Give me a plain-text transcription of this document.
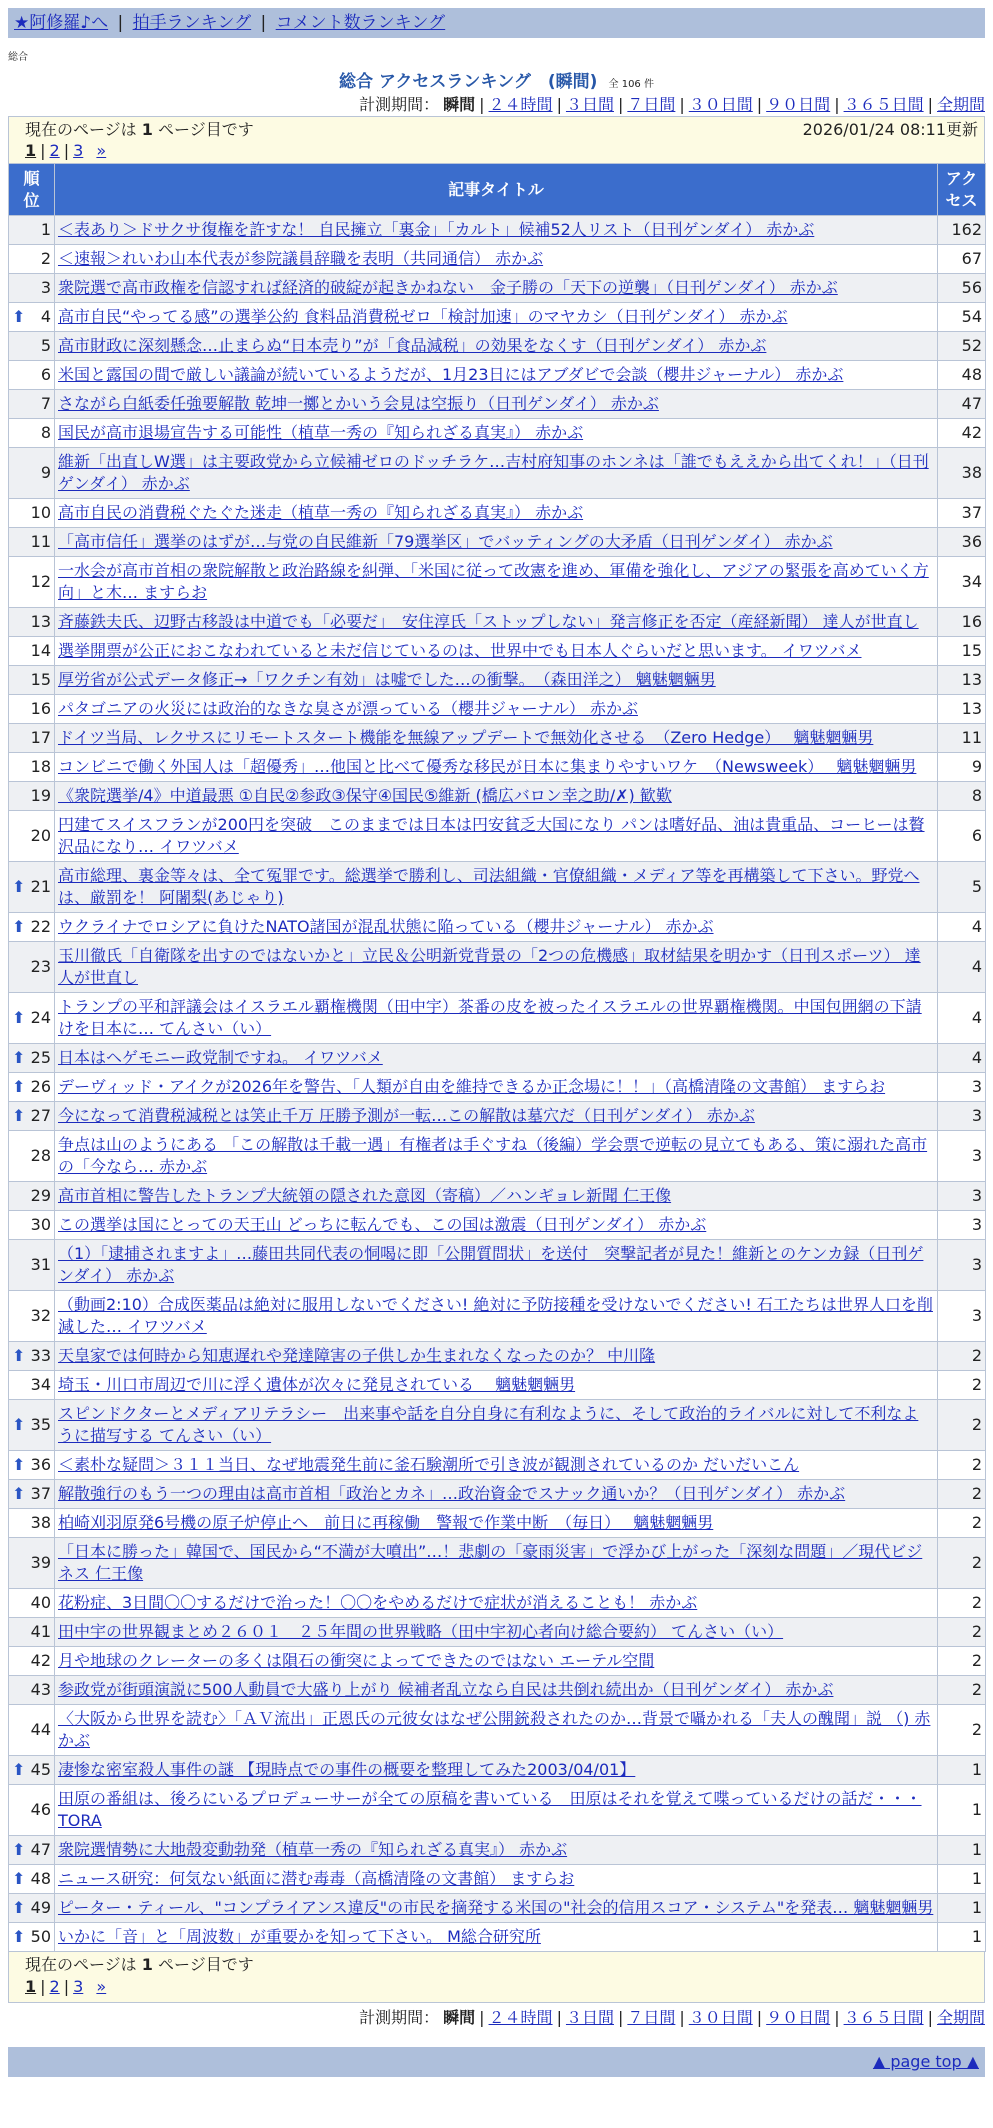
★阿修羅♪へ | 拍手ランキング | コメント数ランキング
総合
総合 アクセスランキング　(瞬間) 全 106 件
計測期間： 瞬間 | ２４時間 | ３日間 | ７日間 | ３０日間 | ９０日間 | ３６５日間 | 全期間
現在のページは 1 ページ目です	2026/01/24 08:11更新
1 | 2 | 3 »
順位	記事タイトル	アクセス
1	＜表あり＞ドサクサ復権を許すな！ 自民擁立「裏金」「カルト」候補52人リスト（日刊ゲンダイ） 赤かぶ	162
2	＜速報＞れいわ山本代表が参院議員辞職を表明（共同通信） 赤かぶ	67
3	衆院選で高市政権を信認すれば経済的破綻が起きかねない　金子勝の「天下の逆襲」（日刊ゲンダイ） 赤かぶ	56

⬆ 4	高市自民“やってる感”の選挙公約 食料品消費税ゼロ「検討加速」のマヤカシ（日刊ゲンダイ） 赤かぶ	54
5	高市財政に深刻懸念…止まらぬ“日本売り”が「食品減税」の効果をなくす（日刊ゲンダイ） 赤かぶ	52
6	米国と露国の間で厳しい議論が続いているようだが、1月23日にはアブダビで会談（櫻井ジャーナル） 赤かぶ	48
7	さながら白紙委任強要解散 乾坤一擲とかいう会見は空振り（日刊ゲンダイ） 赤かぶ	47
8	国民が高市退場宣告する可能性（植草一秀の『知られざる真実』） 赤かぶ	42
9	維新「出直しW選」は主要政党から立候補ゼロのドッチラケ…吉村府知事のホンネは「誰でもええから出てくれ！」（日刊ゲンダイ） 赤かぶ	38
10	高市自民の消費税ぐたぐた迷走（植草一秀の『知られざる真実』） 赤かぶ	37
11	「高市信任」選挙のはずが…与党の自民維新「79選挙区」でバッティングの大矛盾（日刊ゲンダイ） 赤かぶ	36
12	一水会が高市首相の衆院解散と政治路線を糾弾、「米国に従って改憲を進め、軍備を強化し、アジアの緊張を高めていく方向」と木… ますらお	34
13	斉藤鉄夫氏、辺野古移設は中道でも「必要だ」　安住淳氏「ストップしない」発言修正を否定（産経新聞） 達人が世直し	16
14	選挙開票が公正におこなわれていると未だ信じているのは、世界中でも日本人ぐらいだと思います。 イワツバメ	15
15	厚労省が公式データ修正→「ワクチン有効」は嘘でした…の衝撃。　（森田洋之） 魑魅魍魎男	13
16	パタゴニアの火災には政治的なきな臭さが漂っている（櫻井ジャーナル） 赤かぶ	13
17	ドイツ当局、レクサスにリモートスタート機能を無線アップデートで無効化させる　（Zero Hedge）　 魑魅魍魎男	11
18	コンビニで働く外国人は「超優秀」…他国と比べて優秀な移民が日本に集まりやすいワケ　（Newsweek）　 魑魅魍魎男	9
19	《衆院選挙/4》中道最悪 ①自民②参政③保守④国民⑤維新 (橋広バロン幸之助/✗) 歓歎	8
20	円建てスイスフランが200円を突破　このままでは日本は円安貧乏大国になり パンは嗜好品、油は貴重品、コーヒーは贅沢品になり… イワツバメ	6

⬆ 21	高市総理、裏金等々は、全て冤罪です。総選挙で勝利し、司法組織・官僚組織・メディア等を再構築して下さい。野党へは、厳罰を！ 阿闍梨(あじゃり)	5

⬆ 22	ウクライナでロシアに負けたNATO諸国が混乱状態に陥っている（櫻井ジャーナル） 赤かぶ	4
23	玉川徹氏「自衛隊を出すのではないかと」立民＆公明新党背景の「2つの危機感」取材結果を明かす（日刊スポーツ） 達人が世直し	4

⬆ 24	トランプの平和評議会はイスラエル覇権機関（田中宇）茶番の皮を被ったイスラエルの世界覇権機関。中国包囲網の下請けを日本に… てんさい（い）	4

⬆ 25	日本はヘゲモニー政党制ですね。 イワツバメ	4

⬆ 26	デーヴィッド・アイクが2026年を警告、「人類が自由を維持できるか正念場に！！」（高橋清隆の文書館） ますらお	3

⬆ 27	今になって消費税減税とは笑止千万 圧勝予測が一転…この解散は墓穴だ（日刊ゲンダイ） 赤かぶ	3
28	争点は山のようにある 「この解散は千載一遇」有権者は手ぐすね（後編）学会票で逆転の見立てもある、策に溺れた高市の「今なら… 赤かぶ	3
29	高市首相に警告したトランプ大統領の隠された意図（寄稿）／ハンギョレ新聞 仁王像	3
30	この選挙は国にとっての天王山 どっちに転んでも、この国は激震（日刊ゲンダイ） 赤かぶ	3
31	（1）「逮捕されますよ」…藤田共同代表の恫喝に即「公開質問状」を送付　突撃記者が見た！維新とのケンカ録（日刊ゲンダイ） 赤かぶ	3
32	（動画2:10）合成医薬品は絶対に服用しないでください! 絶対に予防接種を受けないでください! 石工たちは世界人口を削減した… イワツバメ	3

⬆ 33	天皇家では何時から知恵遅れや発達障害の子供しか生まれなくなったのか？ 中川隆	2
34	埼玉・川口市周辺で川に浮く遺体が次々に発見されている　 魑魅魍魎男	2

⬆ 35	スピンドクターとメディアリテラシー　出来事や話を自分自身に有利なように、そして政治的ライバルに対して不利なように描写する てんさい（い）	2

⬆ 36	＜素朴な疑問＞３１１当日、なぜ地震発生前に釜石験潮所で引き波が観測されているのか だいだいこん	2

⬆ 37	解散強行のもう一つの理由は高市首相「政治とカネ」…政治資金でスナック通いか？（日刊ゲンダイ） 赤かぶ	2
38	柏崎刈羽原発6号機の原子炉停止へ　前日に再稼働　警報で作業中断　（毎日）　 魑魅魍魎男	2
39	「日本に勝った」韓国で、国民から“不満が大噴出”…！悲劇の「豪雨災害」で浮かび上がった「深刻な問題」／現代ビジネス 仁王像	2
40	花粉症、3日間〇〇するだけで治った！〇〇をやめるだけで症状が消えることも！ 赤かぶ	2
41	田中宇の世界観まとめ２６０１　２５年間の世界戦略（田中宇初心者向け総合要約） てんさい（い）	2
42	月や地球のクレーターの多くは隕石の衝突によってできたのではない エーテル空間	2
43	参政党が街頭演説に500人動員で大盛り上がり 候補者乱立なら自民は共倒れ続出か（日刊ゲンダイ） 赤かぶ	2
44	〈大阪から世界を読む〉「ＡＶ流出」正恩氏の元彼女はなぜ公開銃殺されたのか…背景で囁かれる「夫人の醜聞」説 （) 赤かぶ	2

⬆ 45	凄惨な密室殺人事件の謎 【現時点での事件の概要を整理してみた2003/04/01】	1
46	田原の番組は、後ろにいるプロデューサーが全ての原稿を書いている　田原はそれを覚えて喋っているだけの話だ・・・ TORA	1

⬆ 47	衆院選情勢に大地殻変動勃発（植草一秀の『知られざる真実』） 赤かぶ	1

⬆ 48	ニュース研究：何気ない紙面に潜む毒毒（高橋清隆の文書館） ますらお	1

⬆ 49	ピーター・ティール、"コンプライアンス違反"の市民を摘発する米国の"社会的信用スコア・システム"を発表… 魑魅魍魎男	1

⬆ 50	いかに「音」と「周波数」が重要かを知って下さい。 M総合研究所	1
現在のページは 1 ページ目です
1 | 2 | 3 »
計測期間： 瞬間 | ２４時間 | ３日間 | ７日間 | ３０日間 | ９０日間 | ３６５日間 | 全期間
▲ page top ▲
